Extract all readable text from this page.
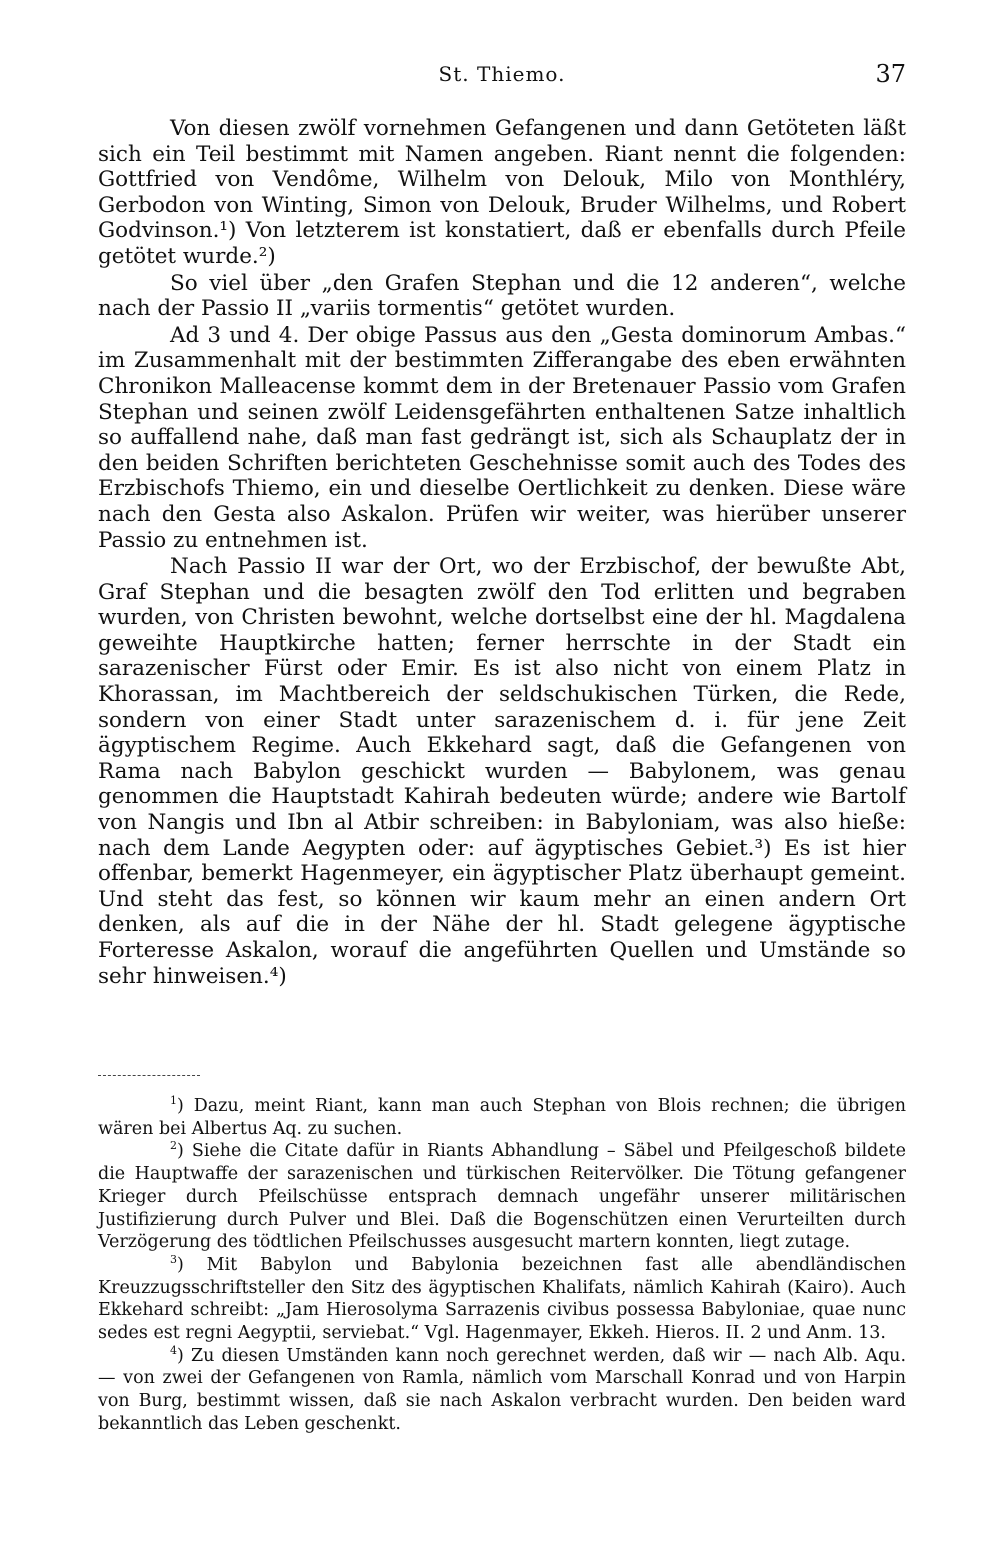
St. Thiemo.	37

Von diesen zwölf vornehmen Gefangenen und dann Getöteten läßt sich ein Teil bestimmt mit Namen angeben. Riant nennt die folgenden: Gottfried von Vendôme, Wilhelm von Delouk, Milo von Monthléry, Gerbodon von Winting, Simon von Delouk, Bruder Wilhelms, und Robert Godvinson.¹) Von letzterem ist konstatiert, daß er ebenfalls durch Pfeile getötet wurde.²)

So viel über „den Grafen Stephan und die 12 anderen“, welche nach der Passio II „variis tormentis“ getötet wurden.

Ad 3 und 4. Der obige Passus aus den „Gesta dominorum Ambas.“ im Zusammenhalt mit der bestimmten Zifferangabe des eben erwähnten Chronikon Malleacense kommt dem in der Bretenauer Passio vom Grafen Stephan und seinen zwölf Leidensgefährten enthaltenen Satze inhaltlich so auffallend nahe, daß man fast gedrängt ist, sich als Schauplatz der in den beiden Schriften berichteten Geschehnisse somit auch des Todes des Erzbischofs Thiemo, ein und dieselbe Oertlichkeit zu denken. Diese wäre nach den Gesta also Askalon. Prüfen wir weiter, was hierüber unserer Passio zu entnehmen ist.

Nach Passio II war der Ort, wo der Erzbischof, der bewußte Abt, Graf Stephan und die besagten zwölf den Tod erlitten und begraben wurden, von Christen bewohnt, welche dortselbst eine der hl. Magdalena geweihte Hauptkirche hatten; ferner herrschte in der Stadt ein sarazenischer Fürst oder Emir. Es ist also nicht von einem Platz in Khorassan, im Machtbereich der seldschukischen Türken, die Rede, sondern von einer Stadt unter sarazenischem d. i. für jene Zeit ägyptischem Regime. Auch Ekkehard sagt, daß die Gefangenen von Rama nach Babylon geschickt wurden — Babylonem, was genau genommen die Hauptstadt Kahirah bedeuten würde; andere wie Bartolf von Nangis und Ibn al Atbir schreiben: in Babyloniam, was also hieße: nach dem Lande Aegypten oder: auf ägyptisches Gebiet.³) Es ist hier offenbar, bemerkt Hagenmeyer, ein ägyptischer Platz überhaupt gemeint. Und steht das fest, so können wir kaum mehr an einen andern Ort denken, als auf die in der Nähe der hl. Stadt gelegene ägyptische Forteresse Askalon, worauf die angeführten Quellen und Umstände so sehr hinweisen.⁴)

$^1$) Dazu, meint Riant, kann man auch Stephan von Blois rechnen; die übrigen wären bei Albertus Aq. zu suchen.

$^2$) Siehe die Citate dafür in Riants Abhandlung – Säbel und Pfeilgeschoß bildete die Hauptwaffe der sarazenischen und türkischen Reitervölker. Die Tötung gefangener Krieger durch Pfeilschüsse entsprach demnach ungefähr unserer militärischen Justifizierung durch Pulver und Blei. Daß die Bogenschützen einen Verurteilten durch Verzögerung des tödtlichen Pfeilschusses ausgesucht martern konnten, liegt zutage.

$^3$) Mit Babylon und Babylonia bezeichnen fast alle abendländischen Kreuzzugsschriftsteller den Sitz des ägyptischen Khalifats, nämlich Kahirah (Kairo). Auch Ekkehard schreibt: „Jam Hierosolyma Sarrazenis civibus possessa Babyloniae, quae nunc sedes est regni Aegyptii, serviebat.“ Vgl. Hagenmayer, Ekkeh. Hieros. II. 2 und Anm. 13.

$^4$) Zu diesen Umständen kann noch gerechnet werden, daß wir — nach Alb. Aqu. — von zwei der Gefangenen von Ramla, nämlich vom Marschall Konrad und von Harpin von Burg, bestimmt wissen, daß sie nach Askalon verbracht wurden. Den beiden ward bekanntlich das Leben geschenkt.
